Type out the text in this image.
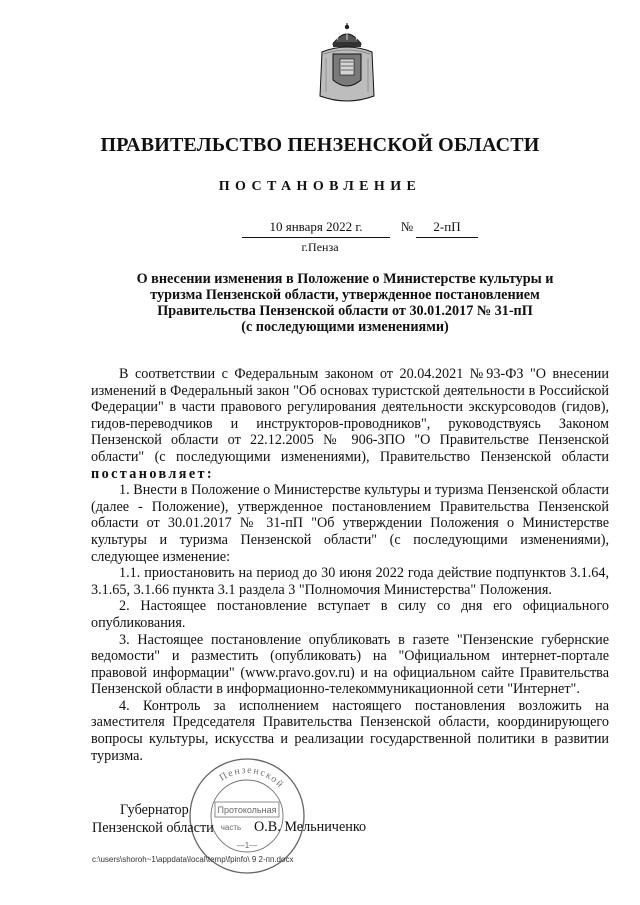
ПРАВИТЕЛЬСТВО ПЕНЗЕНСКОЙ ОБЛАСТИ
ПОСТАНОВЛЕНИЕ
10 января 2022 г.	№	2-пП
г.Пенза
О внесении изменения в Положение о Министерстве культуры и
туризма Пензенской области, утвержденное постановлением
Правительства Пензенской области от 30.01.2017 № 31-пП
(с последующими изменениями)

В соответствии с Федеральным законом от 20.04.2021 №93-ФЗ "О внесении изменений в Федеральный закон "Об основах туристской деятельности в Российской Федерации" в части правового регулирования деятельности экскурсоводов (гидов), гидов-переводчиков и инструкторов-проводников", руководствуясь Законом Пензенской области от 22.12.2005 № 906-ЗПО "О Правительстве Пензенской области" (с последующими изменениями), Правительство Пензенской области постановляет:

1. Внести в Положение о Министерстве культуры и туризма Пензенской области (далее - Положение), утвержденное постановлением Правительства Пензенской области от 30.01.2017 № 31-пП "Об утверждении Положения о Министерстве культуры и туризма Пензенской области" (с последующими изменениями), следующее изменение:

1.1. приостановить на период до 30 июня 2022 года действие подпунктов 3.1.64, 3.1.65, 3.1.66 пункта 3.1 раздела 3 "Полномочия Министерства" Положения.

2. Настоящее постановление вступает в силу со дня его официального опубликования.

3. Настоящее постановление опубликовать в газете "Пензенские губернские ведомости" и разместить (опубликовать) на "Официальном интернет-портале правовой информации" (www.pravo.gov.ru) и на официальном сайте Правительства Пензенской области в информационно-телекоммуникационной сети "Интернет".

4. Контроль за исполнением настоящего постановления возложить на заместителя Председателя Правительства Пензенской области, координирующего вопросы культуры, искусства и реализации государственной политики в развитии туризма.

Пензенской
Протокольная
часть
—1—
Губернатор
Пензенской области	О.В. Мельниченко
c:\users\shoroh~1\appdata\local\temp\fpinfo\ 9 2-пп.docx
